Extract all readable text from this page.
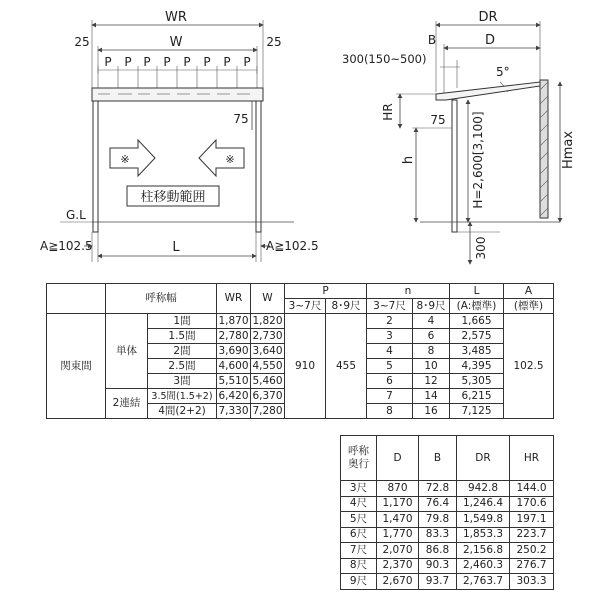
WR
25	W	25
P P P P P P P P
75
※	※
柱移動範囲
G.L
A≧102.5	A≧102.5
L
DR
B	D
300(150~500)
5°
HR	75
h	H=2,600[3,100]	Hmax
300
	呼称幅		WR	W	P		n		L	A
					3~7尺	8･9尺	3~7尺	8･9尺	(A:標準)	(標準)
関東間	単体	1間	1,870	1,820	910	455	2	4	1,665	102.5
		1.5間	2,780	2,730			3	6	2,575	
		2間	3,690	3,640			4	8	3,485	
		2.5間	4,600	4,550			5	10	4,395	
		3間	5,510	5,460			6	12	5,305	

	2連結	3.5間(1.5+2)	6,420	6,370			7	14	6,215	
		4間(2+2)	7,330	7,280			8	16	7,125	
呼称
奥行	D	B	DR	HR
3尺	870	72.8	942.8	144.0
4尺	1,170	76.4	1,246.4	170.6
5尺	1,470	79.8	1,549.8	197.1
6尺	1,770	83.3	1,853.3	223.7
7尺	2,070	86.8	2,156.8	250.2
8尺	2,370	90.3	2,460.3	276.7
9尺	2,670	93.7	2,763.7	303.3
